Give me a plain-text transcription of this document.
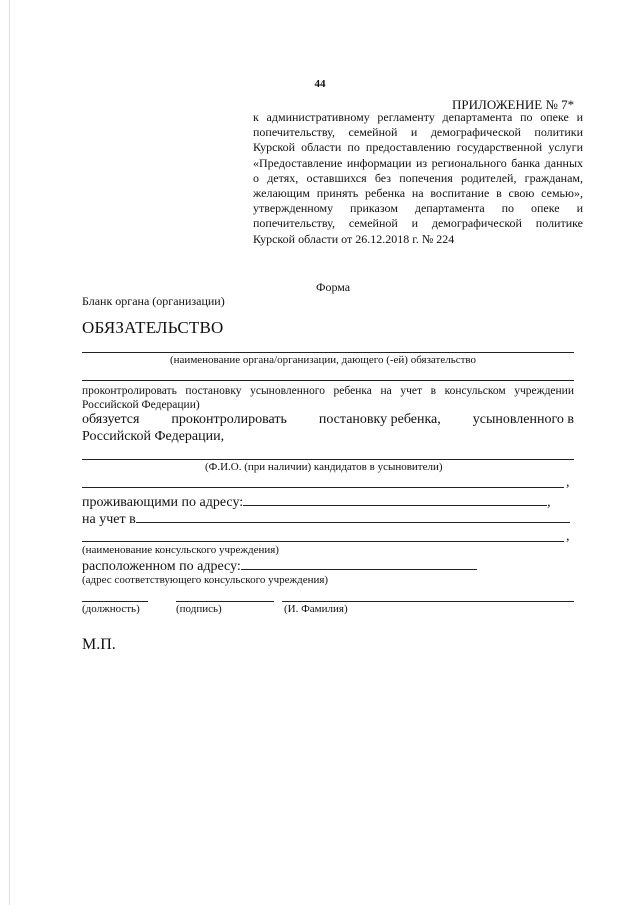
44
ПРИЛОЖЕНИЕ № 7*
к административному регламенту департамента по опеке и попечительству, семейной и демографической политики Курской области по предоставлению государственной услуги «Предоставление информации из регионального банка данных о детях, оставшихся без попечения родителей, гражданам, желающим принять ребенка на воспитание в свою семью», утвержденному приказом департамента по опеке и попечительству, семейной и демографической политике Курской области от 26.12.2018 г. № 224
Форма
Бланк органа (организации)
ОБЯЗАТЕЛЬСТВО
(наименование органа/организации, дающего (-ей) обязательство
проконтролировать постановку усыновленного ребенка на учет в консульском учреждении Российской Федерации)
обязуется проконтролировать постановку ребенка, усыновленного в
Российской Федерации,
(Ф.И.О. (при наличии) кандидатов в усыновители)
,
проживающими по адресу:	,
на учет в
,
(наименование консульского учреждения)
расположенном по адресу:
(адрес соответствующего консульского учреждения)
(должность)	(подпись)	(И. Фамилия)
М.П.
